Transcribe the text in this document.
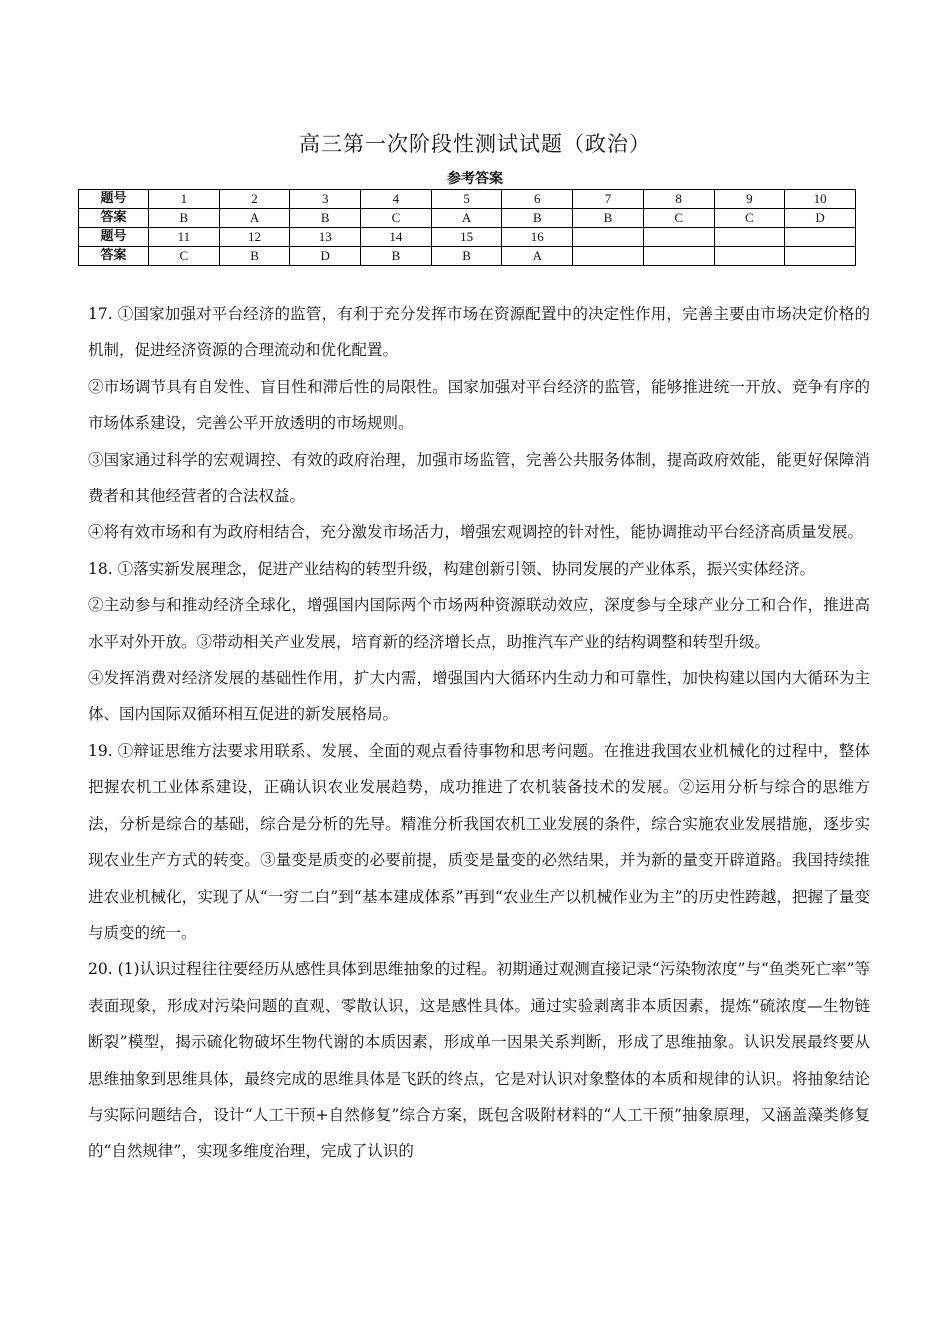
高三第一次阶段性测试试题（政治）
参考答案
题号	1	2	3	4	5	6	7	8	9	10
答案	B	A	B	C	A	B	B	C	C	D
题号	11	12	13	14	15	16				
答案	C	B	D	B	B	A				

17. ①国家加强对平台经济的监管，有利于充分发挥市场在资源配置中的决定性作用，完善主要由市场决定价格的机制，促进经济资源的合理流动和优化配置。

②市场调节具有自发性、盲目性和滞后性的局限性。国家加强对平台经济的监管，能够推进统一开放、竞争有序的市场体系建设，完善公平开放透明的市场规则。

③国家通过科学的宏观调控、有效的政府治理，加强市场监管，完善公共服务体制，提高政府效能，能更好保障消费者和其他经营者的合法权益。

④将有效市场和有为政府相结合，充分激发市场活力，增强宏观调控的针对性，能协调推动平台经济高质量发展。

18. ①落实新发展理念，促进产业结构的转型升级，构建创新引领、协同发展的产业体系，振兴实体经济。

②主动参与和推动经济全球化，增强国内国际两个市场两种资源联动效应，深度参与全球产业分工和合作，推进高水平对外开放。③带动相关产业发展，培育新的经济增长点，助推汽车产业的结构调整和转型升级。

④发挥消费对经济发展的基础性作用，扩大内需，增强国内大循环内生动力和可靠性，加快构建以国内大循环为主体、国内国际双循环相互促进的新发展格局。

19. ①辩证思维方法要求用联系、发展、全面的观点看待事物和思考问题。在推进我国农业机械化的过程中，整体把握农机工业体系建设，正确认识农业发展趋势，成功推进了农机装备技术的发展。②运用分析与综合的思维方法，分析是综合的基础，综合是分析的先导。精准分析我国农机工业发展的条件，综合实施农业发展措施，逐步实现农业生产方式的转变。③量变是质变的必要前提，质变是量变的必然结果，并为新的量变开辟道路。我国持续推进农业机械化，实现了从“一穷二白”到“基本建成体系”再到“农业生产以机械作业为主”的历史性跨越，把握了量变与质变的统一。

20. (1)认识过程往往要经历从感性具体到思维抽象的过程。初期通过观测直接记录“污染物浓度”与“鱼类死亡率”等表面现象，形成对污染问题的直观、零散认识，这是感性具体。通过实验剥离非本质因素，提炼“硫浓度—生物链断裂”模型，揭示硫化物破坏生物代谢的本质因素，形成单一因果关系判断，形成了思维抽象。认识发展最终要从思维抽象到思维具体，最终完成的思维具体是飞跃的终点，它是对认识对象整体的本质和规律的认识。将抽象结论与实际问题结合，设计“人工干预+自然修复”综合方案，既包含吸附材料的“人工干预”抽象原理，又涵盖藻类修复的“自然规律”，实现多维度治理，完成了认识的
